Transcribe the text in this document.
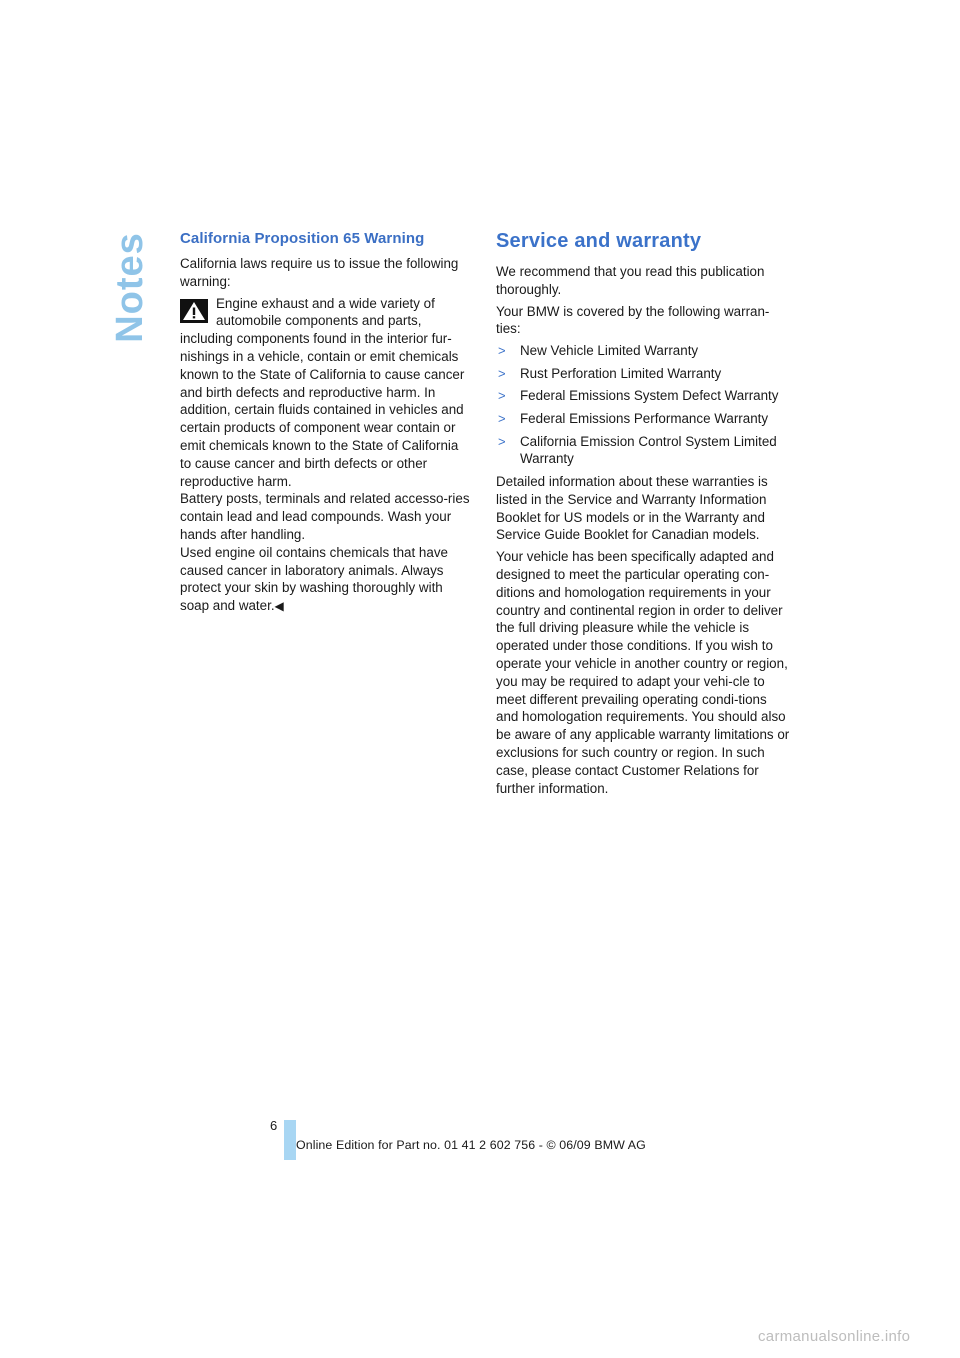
Notes California Proposition 65 Warning

California laws require us to issue the following warning:

Engine exhaust and a wide variety of automobile components and parts, including components found in the interior fur-nishings in a vehicle, contain or emit chemicals known to the State of California to cause cancer and birth defects and reproductive harm. In addition, certain fluids contained in vehicles and certain products of component wear contain or emit chemicals known to the State of California to cause cancer and birth defects or other reproductive harm.

Battery posts, terminals and related accesso-ries contain lead and lead compounds. Wash your hands after handling.

Used engine oil contains chemicals that have caused cancer in laboratory animals. Always protect your skin by washing thoroughly with soap and water.◀

Service and warranty

We recommend that you read this publication thoroughly.

Your BMW is covered by the following warran-ties:

> New Vehicle Limited Warranty
> Rust Perforation Limited Warranty
> Federal Emissions System Defect Warranty
> Federal Emissions Performance Warranty
> California Emission Control System Limited Warranty

Detailed information about these warranties is listed in the Service and Warranty Information Booklet for US models or in the Warranty and Service Guide Booklet for Canadian models.

Your vehicle has been specifically adapted and designed to meet the particular operating con-ditions and homologation requirements in your country and continental region in order to deliver the full driving pleasure while the vehicle is operated under those conditions. If you wish to operate your vehicle in another country or region, you may be required to adapt your vehi-cle to meet different prevailing operating condi-tions and homologation requirements. You should also be aware of any applicable warranty limitations or exclusions for such country or region. In such case, please contact Customer Relations for further information.

6
Online Edition for Part no. 01 41 2 602 756 - © 06/09 BMW AG
carmanualsonline.info
